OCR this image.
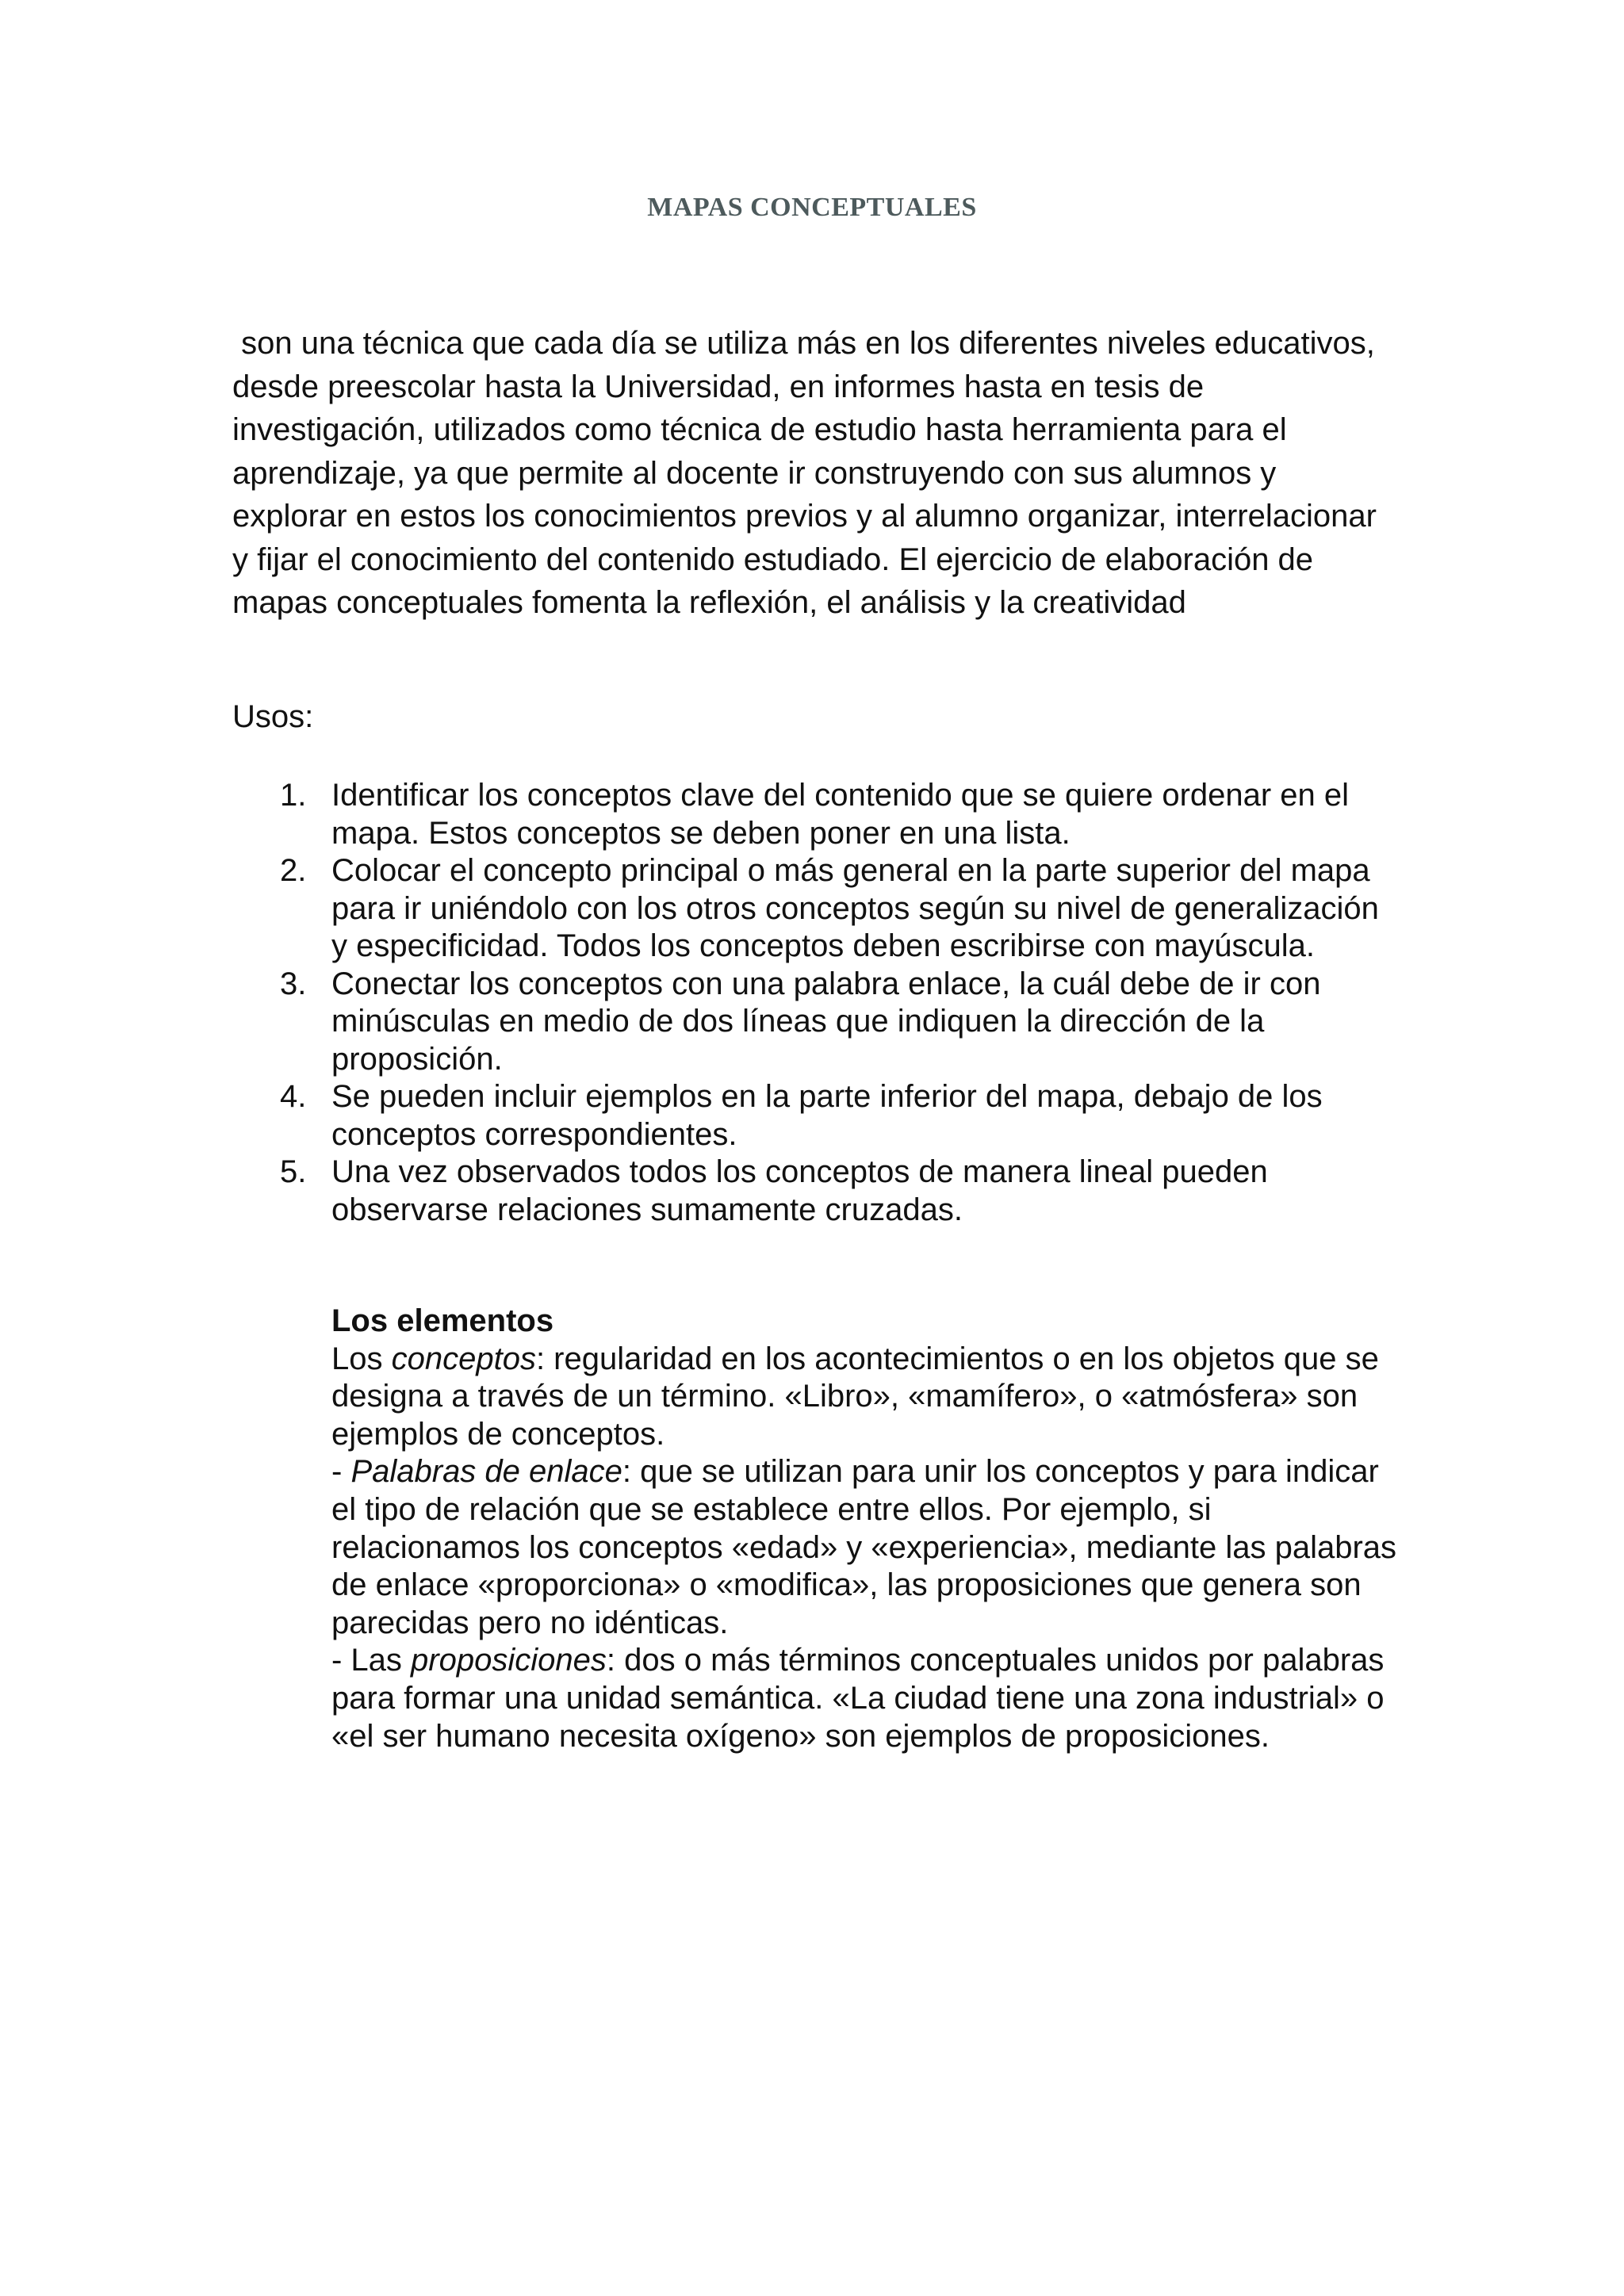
MAPAS CONCEPTUALES

son una técnica que cada día se utiliza más en los diferentes niveles educativos, desde preescolar hasta la Universidad, en informes hasta en tesis de investigación, utilizados como técnica de estudio hasta herramienta para el aprendizaje, ya que permite al docente ir construyendo con sus alumnos y explorar en estos los conocimientos previos y al alumno organizar, interrelacionar y fijar el conocimiento del contenido estudiado. El ejercicio de elaboración de mapas conceptuales fomenta la reflexión, el análisis y la creatividad

Usos:

1. Identificar los conceptos clave del contenido que se quiere ordenar en el mapa. Estos conceptos se deben poner en una lista.
2. Colocar el concepto principal o más general en la parte superior del mapa para ir uniéndolo con los otros conceptos según su nivel de generalización y especificidad. Todos los conceptos deben escribirse con mayúscula.
3. Conectar los conceptos con una palabra enlace, la cuál debe de ir con minúsculas en medio de dos líneas que indiquen la dirección de la proposición.
4. Se pueden incluir ejemplos en la parte inferior del mapa, debajo de los conceptos correspondientes.
5. Una vez observados todos los conceptos de manera lineal pueden observarse relaciones sumamente cruzadas.

Los elementos

Los conceptos: regularidad en los acontecimientos o en los objetos que se designa a través de un término. «Libro», «mamífero», o «atmósfera» son ejemplos de conceptos.

- Palabras de enlace: que se utilizan para unir los conceptos y para indicar el tipo de relación que se establece entre ellos. Por ejemplo, si relacionamos los conceptos «edad» y «experiencia», mediante las palabras de enlace «proporciona» o «modifica», las proposiciones que genera son parecidas pero no idénticas.

- Las proposiciones: dos o más términos conceptuales unidos por palabras para formar una unidad semántica. «La ciudad tiene una zona industrial» o «el ser humano necesita oxígeno» son ejemplos de proposiciones.
